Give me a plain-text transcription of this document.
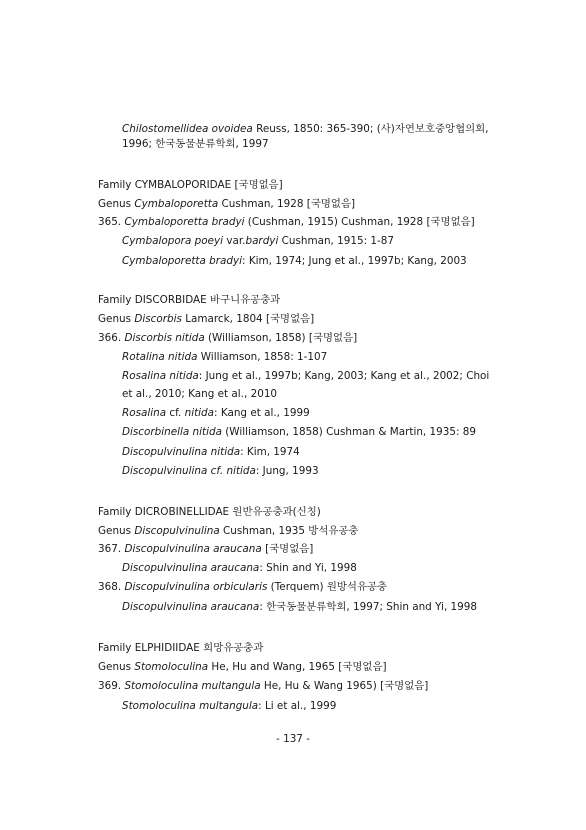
Chilostomellidea ovoidea Reuss, 1850: 365-390; (사)자연보호중앙협의회,
1996; 한국동물분류학회, 1997
Family CYMBALOPORIDAE [국명없음]
Genus Cymbaloporetta Cushman, 1928 [국명없음]
365. Cymbaloporetta bradyi (Cushman, 1915) Cushman, 1928 [국명없음]
Cymbalopora poeyi var.bardyi Cushman, 1915: 1-87
Cymbaloporetta bradyi: Kim, 1974; Jung et al., 1997b; Kang, 2003
Family DISCORBIDAE 바구니유공충과
Genus Discorbis Lamarck, 1804 [국명없음]
366. Discorbis nitida (Williamson, 1858) [국명없음]
Rotalina nitida Williamson, 1858: 1-107
Rosalina nitida: Jung et al., 1997b; Kang, 2003; Kang et al., 2002; Choi
et al., 2010; Kang et al., 2010
Rosalina cf. nitida: Kang et al., 1999
Discorbinella nitida (Williamson, 1858) Cushman & Martin, 1935: 89
Discopulvinulina nitida: Kim, 1974
Discopulvinulina cf. nitida: Jung, 1993
Family DICROBINELLIDAE 원반유공충과(신칭)
Genus Discopulvinulina Cushman, 1935 방석유공충
367. Discopulvinulina araucana [국명없음]
Discopulvinulina araucana: Shin and Yi, 1998
368. Discopulvinulina orbicularis (Terquem) 원방석유공충
Discopulvinulina araucana: 한국동물분류학회, 1997; Shin and Yi, 1998
Family ELPHIDIIDAE 희망유공충과
Genus Stomoloculina He, Hu and Wang, 1965 [국명없음]
369. Stomoloculina multangula He, Hu & Wang 1965) [국명없음]
Stomoloculina multangula: Li et al., 1999
- 137 -
